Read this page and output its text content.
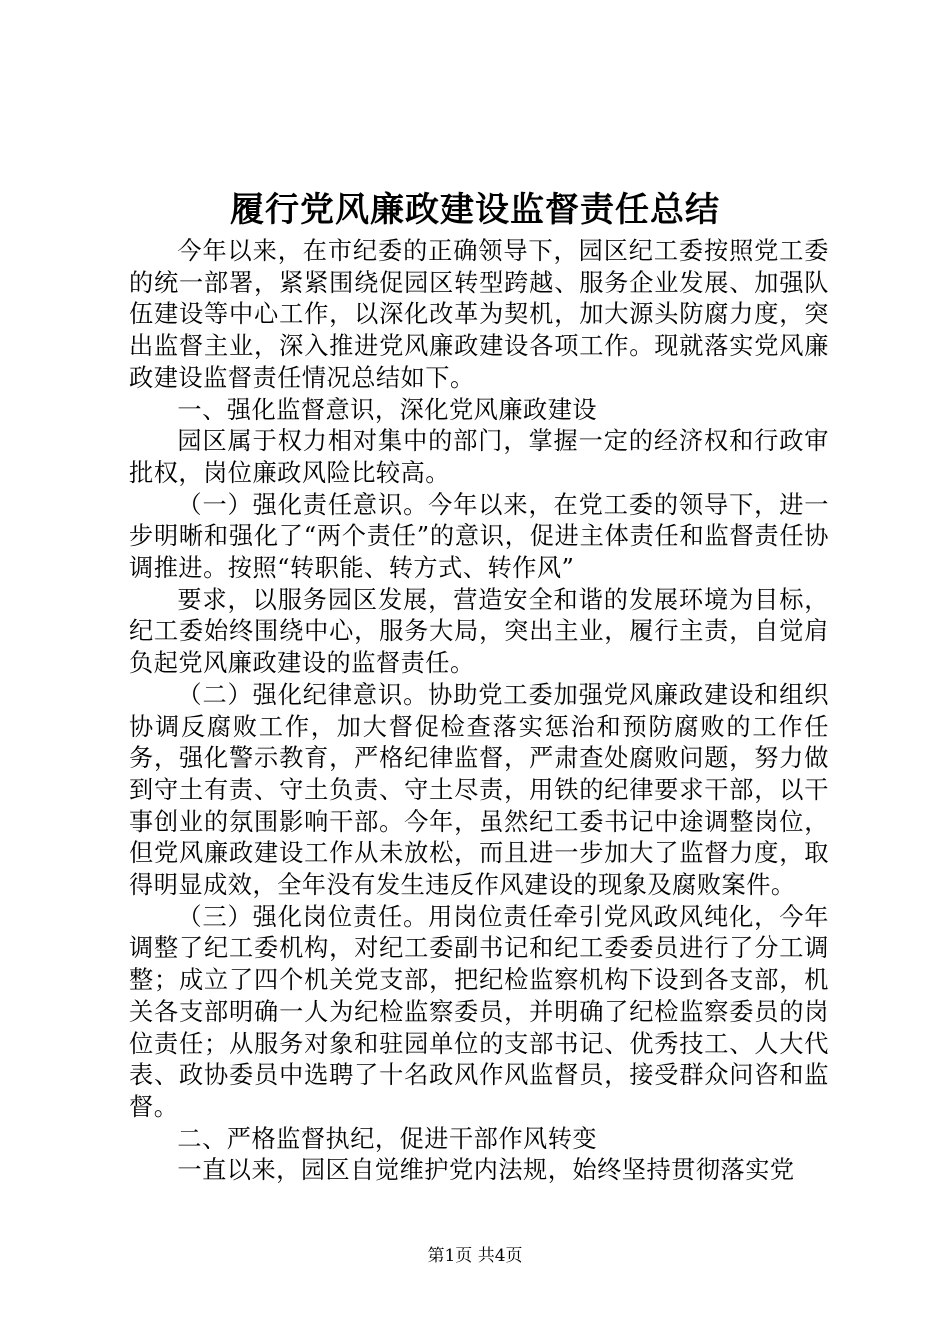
履行党风廉政建设监督责任总结

今年以来，在市纪委的正确领导下，园区纪工委按照党工委的统一部署，紧紧围绕促园区转型跨越、服务企业发展、加强队伍建设等中心工作，以深化改革为契机，加大源头防腐力度，突出监督主业，深入推进党风廉政建设各项工作。现就落实党风廉政建设监督责任情况总结如下。

一、强化监督意识，深化党风廉政建设

园区属于权力相对集中的部门，掌握一定的经济权和行政审批权，岗位廉政风险比较高。

（一）强化责任意识。今年以来，在党工委的领导下，进一步明晰和强化了“两个责任”的意识，促进主体责任和监督责任协调推进。按照“转职能、转方式、转作风”

要求，以服务园区发展，营造安全和谐的发展环境为目标，纪工委始终围绕中心，服务大局，突出主业，履行主责，自觉肩负起党风廉政建设的监督责任。

（二）强化纪律意识。协助党工委加强党风廉政建设和组织协调反腐败工作，加大督促检查落实惩治和预防腐败的工作任务，强化警示教育，严格纪律监督，严肃查处腐败问题，努力做到守土有责、守土负责、守土尽责，用铁的纪律要求干部，以干事创业的氛围影响干部。今年，虽然纪工委书记中途调整岗位，但党风廉政建设工作从未放松，而且进一步加大了监督力度，取得明显成效，全年没有发生违反作风建设的现象及腐败案件。

（三）强化岗位责任。用岗位责任牵引党风政风纯化，今年调整了纪工委机构，对纪工委副书记和纪工委委员进行了分工调整；成立了四个机关党支部，把纪检监察机构下设到各支部，机关各支部明确一人为纪检监察委员，并明确了纪检监察委员的岗位责任；从服务对象和驻园单位的支部书记、优秀技工、人大代表、政协委员中选聘了十名政风作风监督员，接受群众问咨和监督。

二、严格监督执纪，促进干部作风转变

一直以来，园区自觉维护党内法规，始终坚持贯彻落实党

第1页 共4页
